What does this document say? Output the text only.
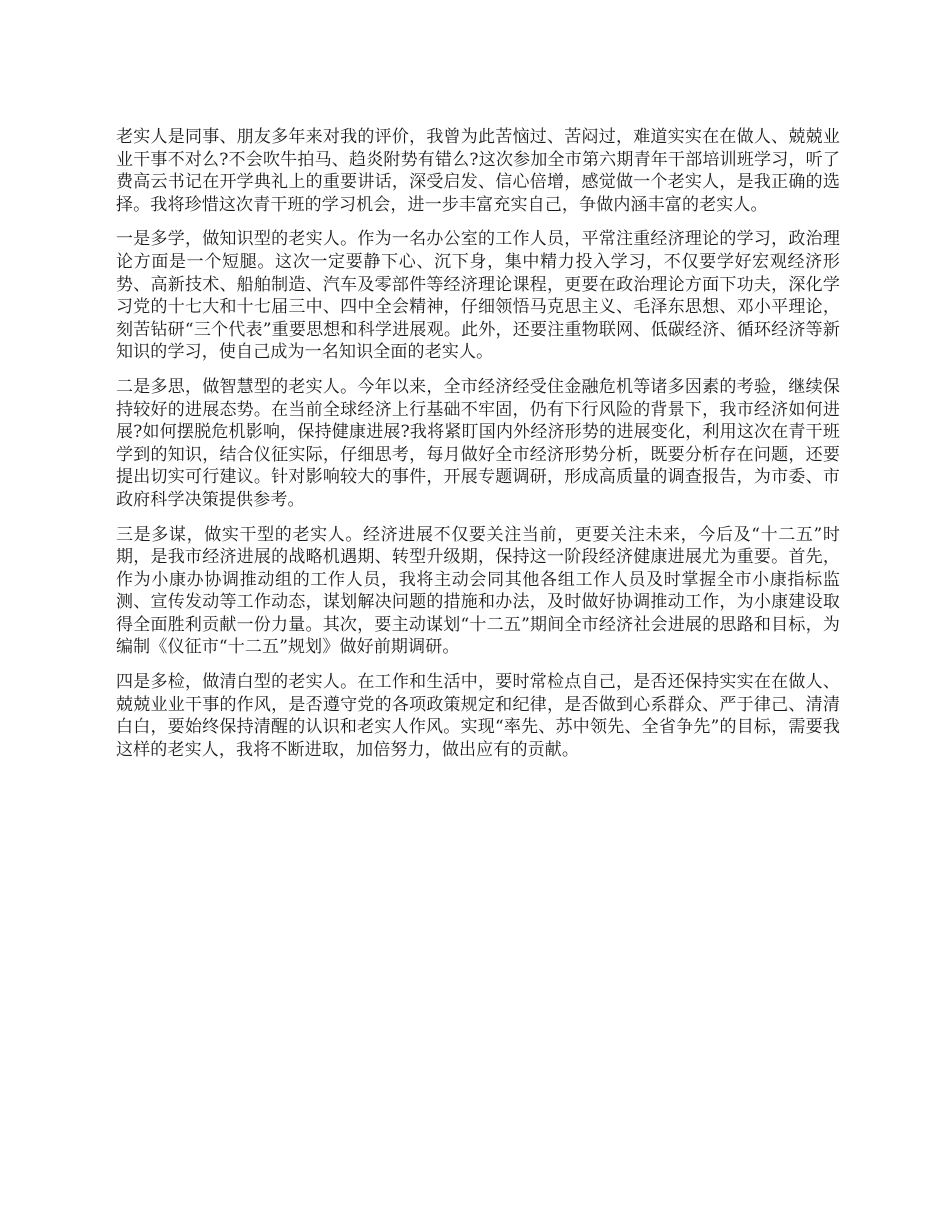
老实人是同事、朋友多年来对我的评价，我曾为此苦恼过、苦闷过，难道实实在在做人、兢兢业业干事不对么?不会吹牛拍马、趋炎附势有错么?这次参加全市第六期青年干部培训班学习，听了费高云书记在开学典礼上的重要讲话，深受启发、信心倍增，感觉做一个老实人，是我正确的选择。我将珍惜这次青干班的学习机会，进一步丰富充实自己，争做内涵丰富的老实人。

一是多学，做知识型的老实人。作为一名办公室的工作人员，平常注重经济理论的学习，政治理论方面是一个短腿。这次一定要静下心、沉下身，集中精力投入学习，不仅要学好宏观经济形势、高新技术、船舶制造、汽车及零部件等经济理论课程，更要在政治理论方面下功夫，深化学习党的十七大和十七届三中、四中全会精神，仔细领悟马克思主义、毛泽东思想、邓小平理论，刻苦钻研“三个代表”重要思想和科学进展观。此外，还要注重物联网、低碳经济、循环经济等新知识的学习，使自己成为一名知识全面的老实人。

二是多思，做智慧型的老实人。今年以来，全市经济经受住金融危机等诸多因素的考验，继续保持较好的进展态势。在当前全球经济上行基础不牢固，仍有下行风险的背景下，我市经济如何进展?如何摆脱危机影响，保持健康进展?我将紧盯国内外经济形势的进展变化，利用这次在青干班学到的知识，结合仪征实际，仔细思考，每月做好全市经济形势分析，既要分析存在问题，还要提出切实可行建议。针对影响较大的事件，开展专题调研，形成高质量的调查报告，为市委、市政府科学决策提供参考。

三是多谋，做实干型的老实人。经济进展不仅要关注当前，更要关注未来，今后及“十二五”时期，是我市经济进展的战略机遇期、转型升级期，保持这一阶段经济健康进展尤为重要。首先，作为小康办协调推动组的工作人员，我将主动会同其他各组工作人员及时掌握全市小康指标监测、宣传发动等工作动态，谋划解决问题的措施和办法，及时做好协调推动工作，为小康建设取得全面胜利贡献一份力量。其次，要主动谋划“十二五”期间全市经济社会进展的思路和目标，为编制《仪征市“十二五”规划》做好前期调研。

四是多检，做清白型的老实人。在工作和生活中，要时常检点自己，是否还保持实实在在做人、兢兢业业干事的作风，是否遵守党的各项政策规定和纪律，是否做到心系群众、严于律己、清清白白，要始终保持清醒的认识和老实人作风。实现“率先、苏中领先、全省争先”的目标，需要我这样的老实人，我将不断进取，加倍努力，做出应有的贡献。
